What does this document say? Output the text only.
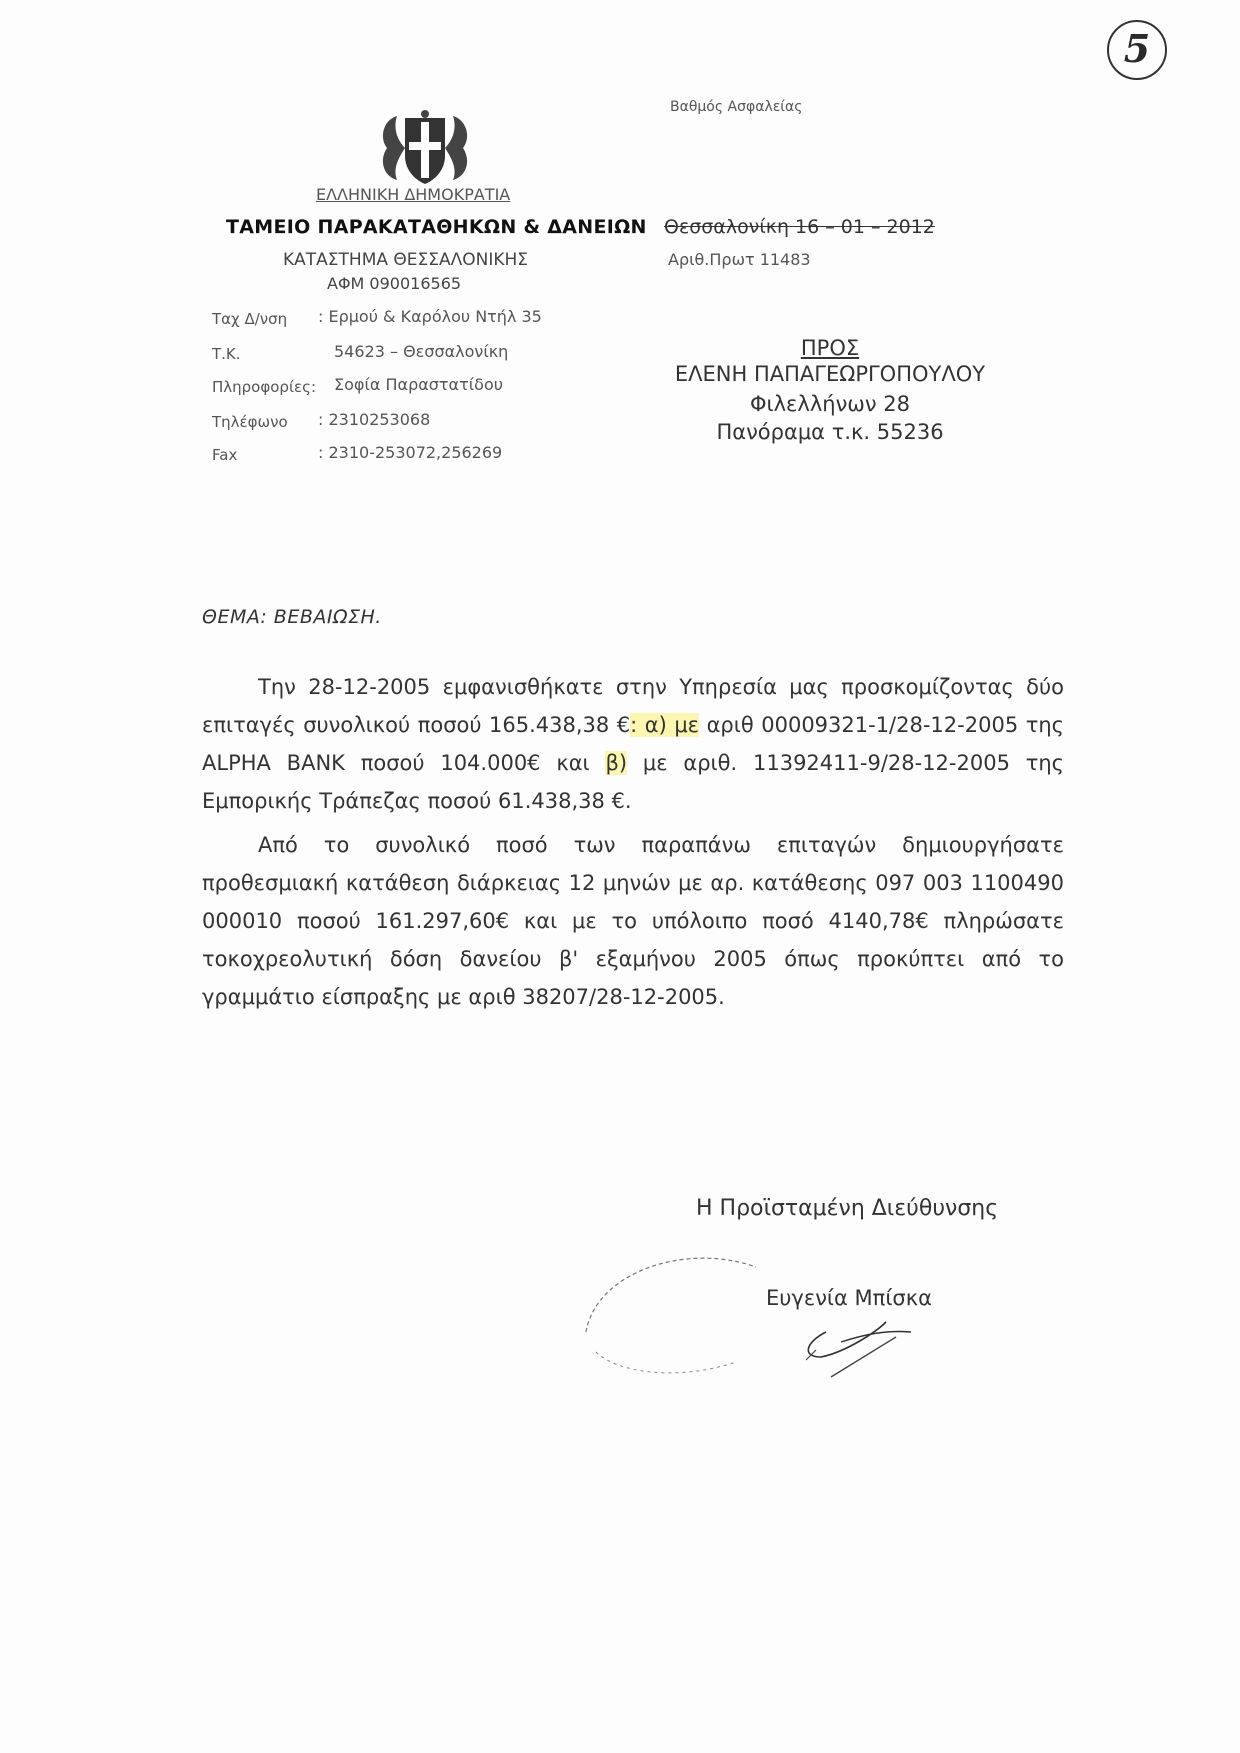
5
Βαθμός Ασφαλείας
ΕΛΛΗΝΙΚΗ ΔΗΜΟΚΡΑΤΙΑ
ΤΑΜΕΙΟ ΠΑΡΑΚΑΤΑΘΗΚΩΝ & ΔΑΝΕΙΩΝ
ΚΑΤΑΣΤΗΜΑ ΘΕΣΣΑΛΟΝΙΚΗΣ
ΑΦΜ 090016565
Ταχ Δ/νση : Ερμού & Καρόλου Ντήλ 35
Τ.Κ.	54623 – Θεσσαλονίκη
Πληροφορίες: Σοφία Παραστατίδου
Τηλέφωνο : 2310253068
Fax	: 2310-253072,256269
Θεσσαλονίκη 16 – 01 – 2012
Αριθ.Πρωτ 11483
ΠΡΟΣ
ΕΛΕΝΗ ΠΑΠΑΓΕΩΡΓΟΠΟΥΛΟΥ
Φιλελλήνων 28
Πανόραμα τ.κ. 55236
ΘΕΜΑ: ΒΕΒΑΙΩΣΗ.

Την 28-12-2005 εμφανισθήκατε στην Υπηρεσία μας προσκομίζοντας δύο επιταγές συνολικού ποσού 165.438,38 €: α) με αριθ 00009321-1/28-12-2005 της ALPHA BANK ποσού 104.000€ και β) με αριθ. 11392411-9/28-12-2005 της Εμπορικής Τράπεζας ποσού 61.438,38 €.

Από το συνολικό ποσό των παραπάνω επιταγών δημιουργήσατε προθεσμιακή κατάθεση διάρκειας 12 μηνών με αρ. κατάθεσης 097 003 1100490 000010 ποσού 161.297,60€ και με το υπόλοιπο ποσό 4140,78€ πληρώσατε τοκοχρεολυτική δόση δανείου β' εξαμήνου 2005 όπως προκύπτει από το γραμμάτιο είσπραξης με αριθ 38207/28-12-2005.

Η Προϊσταμένη Διεύθυνσης
Ευγενία Μπίσκα
